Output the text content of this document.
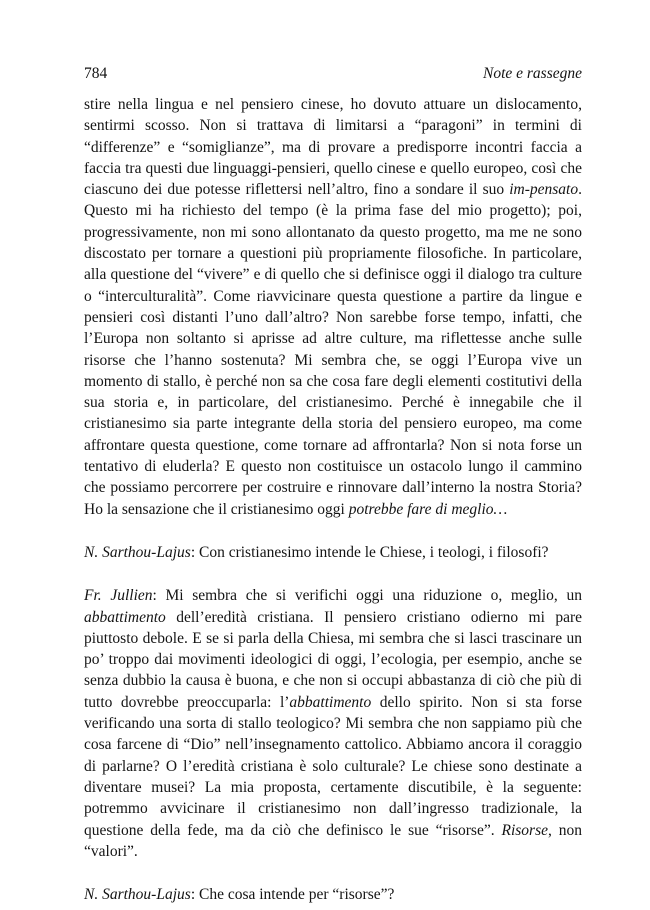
784	Note e rassegne

stire nella lingua e nel pensiero cinese, ho dovuto attuare un dislocamento, sentirmi scosso. Non si trattava di limitarsi a “paragoni” in termini di “differenze” e “somiglianze”, ma di provare a predisporre incontri faccia a faccia tra questi due linguaggi-pensieri, quello cinese e quello europeo, così che ciascuno dei due potesse riflettersi nell’altro, fino a sondare il suo im-pensato. Questo mi ha richiesto del tempo (è la prima fase del mio progetto); poi, progressivamente, non mi sono allontanato da questo progetto, ma me ne sono discostato per tornare a questioni più propriamente filosofiche. In particolare, alla questione del “vivere” e di quello che si definisce oggi il dialogo tra culture o “interculturalità”. Come riavvicinare questa questione a partire da lingue e pensieri così distanti l’uno dall’altro? Non sarebbe forse tempo, infatti, che l’Europa non soltanto si aprisse ad altre culture, ma riflettesse anche sulle risorse che l’hanno sostenuta? Mi sembra che, se oggi l’Europa vive un momento di stallo, è perché non sa che cosa fare degli elementi costitutivi della sua storia e, in particolare, del cristianesimo. Perché è innegabile che il cristianesimo sia parte integrante della storia del pensiero europeo, ma come affrontare questa questione, come tornare ad affrontarla? Non si nota forse un tentativo di eluderla? E questo non costituisce un ostacolo lungo il cammino che possiamo percorrere per costruire e rinnovare dall’interno la nostra Storia? Ho la sensazione che il cristianesimo oggi potrebbe fare di meglio…

N. Sarthou-Lajus: Con cristianesimo intende le Chiese, i teologi, i filosofi?

Fr. Jullien: Mi sembra che si verifichi oggi una riduzione o, meglio, un abbattimento dell’eredità cristiana. Il pensiero cristiano odierno mi pare piuttosto debole. E se si parla della Chiesa, mi sembra che si lasci trascinare un po’ troppo dai movimenti ideologici di oggi, l’ecologia, per esempio, anche se senza dubbio la causa è buona, e che non si occupi abbastanza di ciò che più di tutto dovrebbe preoccuparla: l’abbattimento dello spirito. Non si sta forse verificando una sorta di stallo teologico? Mi sembra che non sappiamo più che cosa farcene di “Dio” nell’insegnamento cattolico. Abbiamo ancora il coraggio di parlarne? O l’eredità cristiana è solo culturale? Le chiese sono destinate a diventare musei? La mia proposta, certamente discutibile, è la seguente: potremmo avvicinare il cristianesimo non dall’ingresso tradizionale, la questione della fede, ma da ciò che definisco le sue “risorse”. Risorse, non “valori”.

N. Sarthou-Lajus: Che cosa intende per “risorse”?
